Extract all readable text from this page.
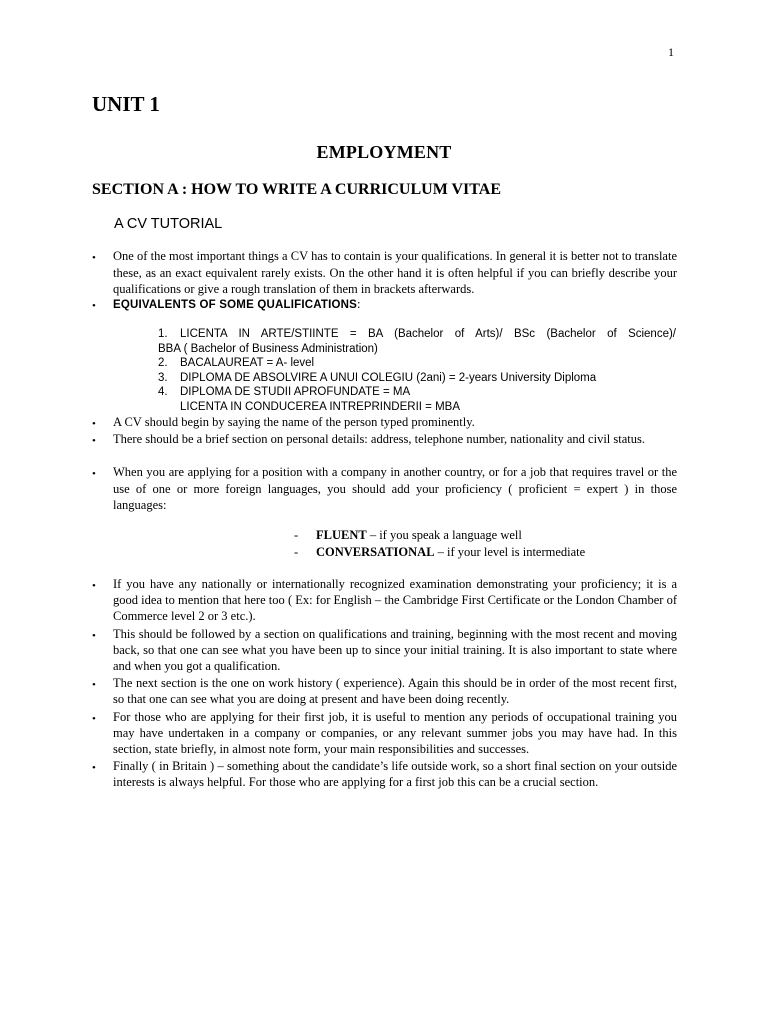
1
UNIT 1
EMPLOYMENT
SECTION A : HOW TO WRITE A CURRICULUM VITAE
A CV TUTORIAL
• One of the most important things a CV has to contain is your qualifications. In general it is better not to translate these, as an exact equivalent rarely exists. On the other hand it is often helpful if you can briefly describe your qualifications or give a rough translation of them in brackets afterwards.
• EQUIVALENTS OF SOME QUALIFICATIONS:
1.	LICENTA IN ARTE/STIINTE = BA (Bachelor of Arts)/ BSc (Bachelor of Science)/
BBA ( Bachelor of Business Administration)
2.	BACALAUREAT = A- level
3.	DIPLOMA DE ABSOLVIRE A UNUI COLEGIU (2ani) = 2-years University Diploma
4.	DIPLOMA DE STUDII APROFUNDATE = MA
LICENTA IN CONDUCEREA INTREPRINDERII = MBA
• A CV should begin by saying the name of the person typed prominently.
• There should be a brief section on personal details: address, telephone number, nationality and civil status.
• When you are applying for a position with a company in another country, or for a job that requires travel or the use of one or more foreign languages, you should add your proficiency ( proficient = expert ) in those languages:
- FLUENT – if you speak a language well
- CONVERSATIONAL – if your level is intermediate
• If you have any nationally or internationally recognized examination demonstrating your proficiency; it is a good idea to mention that here too ( Ex: for English – the Cambridge First Certificate or the London Chamber of Commerce level 2 or 3 etc.).
• This should be followed by a section on qualifications and training, beginning with the most recent and moving back, so that one can see what you have been up to since your initial training. It is also important to state where and when you got a qualification.
• The next section is the one on work history ( experience). Again this should be in order of the most recent first, so that one can see what you are doing at present and have been doing recently.
• For those who are applying for their first job, it is useful to mention any periods of occupational training you may have undertaken in a company or companies, or any relevant summer jobs you may have had. In this section, state briefly, in almost note form, your main responsibilities and successes.
• Finally ( in Britain ) – something about the candidate’s life outside work, so a short final section on your outside interests is always helpful. For those who are applying for a first job this can be a crucial section.
